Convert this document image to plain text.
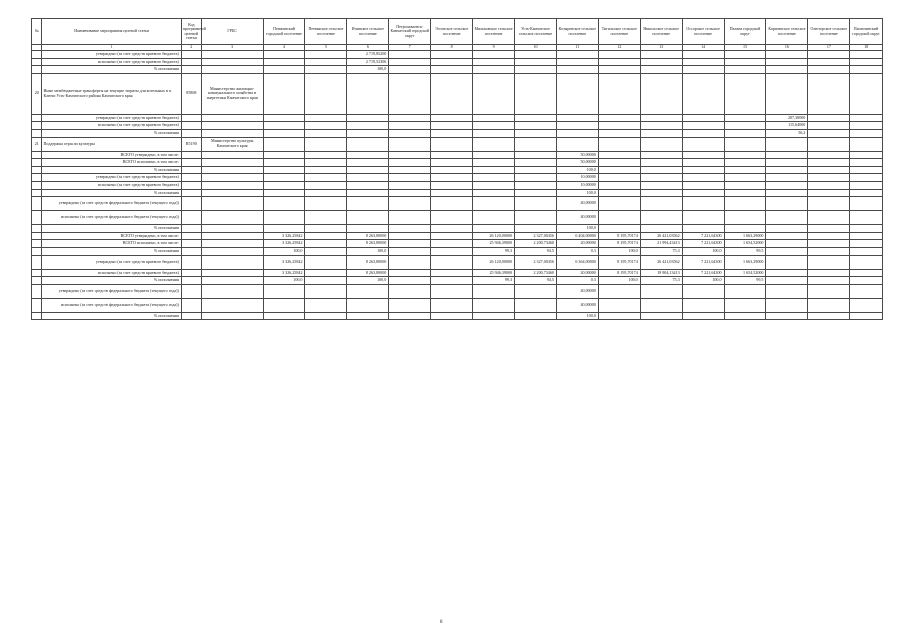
№	Наименование мероприятия целевой статьи	Код программной целевой статьи	ГРБС	Пенжинский городской поселение	Пеевакское сельское поселение	Ичинское сельское поселение	Петропавловск-Камчатский городской округ	Эссовское сельское поселение	Мильковское сельское поселение	Усть-Камчатское сельское поселение	Козыревское сельское поселение	Тигильское сельское поселение	Никольское сельское поселение	Оссорское сельское поселение	Палана городской округ	Карагинское сельское поселение	Олюторское сельское поселение	Вилючинский городской округ
	1	2	3	4	5	6	7	8	9	10	11	12	13	14	15	16	17	18
	утверждено (за счет средств краевого бюджета)					2 719,85200												
	исполнено (за счет средств краевого бюджета)					2 719,52306												
	% исполнения					100,0												
20	Иные межбюджетные трансферты на текущие затраты для котельных в п. Ключи Усть-Камчатского района Камчатского края	85868	Министерство жилищно-коммунального хозяйства и энергетики Камчатского края															
	утверждено (за счет средств краевого бюджета)															207,30000		
	исполнено (за счет средств краевого бюджета)															115,64000		
	% исполнения															56,2		
21	Поддержка отрасли культуры	R5190	Министерство культуры Камчатского края															
	ВСЕГО утверждено, в том числе:										50,00000							
	ВСЕГО исполнено, в том числе:										50,00000							
	% исполнения										100,0							
	утверждено (за счет средств краевого бюджета)										10,00000							
	исполнено (за счет средств краевого бюджета)										10,00000							
	% исполнения										100,0							
	утверждено (за счет средств федерального бюджета (текущего года))										40,00000							
	исполнено (за счет средств федерального бюджета (текущего года))										40,00000							
	% исполнения										100,0							
	ВСЕГО утверждено, в том числе:			3 326,25842		8 263,80000			26 120,00000	2 327,00456	6 404,00000	8 195,70174	26 421,03562	7 221,64300	1 663,29000			
	ВСЕГО исполнено, в том числе:			3 326,25842		8 263,80000			25 946,39000	2 200,73460	20,00000	8 195,70174	21 994,43413	7 221,64300	1 654,52000			
	% исполнения			100,0		100,0			99,3	94,5	0,3	100,0	75,3	100,0	99,5			
	утверждено (за счет средств краевого бюджета)			3 326,25842		8 263,80000			26 120,00000	2 327,00456	6 364,00000	8 195,70174	26 421,03562	7 221,64300	1 663,29000			
	исполнено (за счет средств краевого бюджета)			3 326,25842		8 263,80000			25 946,39000	2 200,73460	20,00000	8 195,70174	19 904,13413	7 221,64300	1 654,52000			
	% исполнения			100,0		100,0			99,3	94,5	0,3	100,0	75,3	100,0	99,5			
	утверждено (за счет средств федерального бюджета (текущего года))										40,00000							
	исполнено (за счет средств федерального бюджета (текущего года))										40,00000							
	% исполнения										100,0							
8
